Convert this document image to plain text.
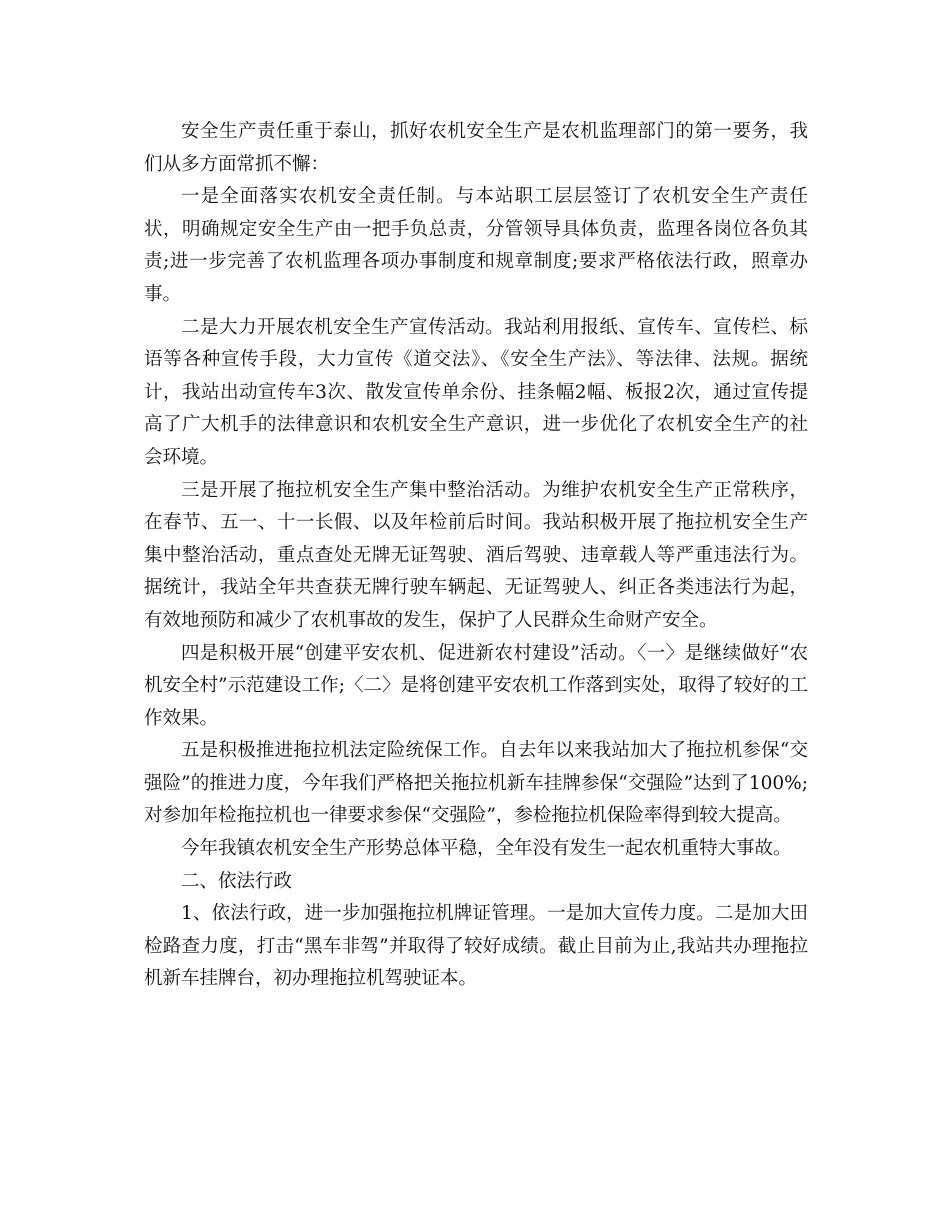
安全生产责任重于泰山，抓好农机安全生产是农机监理部门的第一要务，我们从多方面常抓不懈：

一是全面落实农机安全责任制。与本站职工层层签订了农机安全生产责任状，明确规定安全生产由一把手负总责，分管领导具体负责，监理各岗位各负其责;进一步完善了农机监理各项办事制度和规章制度;要求严格依法行政，照章办事。

二是大力开展农机安全生产宣传活动。我站利用报纸、宣传车、宣传栏、标语等各种宣传手段，大力宣传《道交法》、《安全生产法》、等法律、法规。据统计，我站出动宣传车3次、散发宣传单余份、挂条幅2幅、板报2次，通过宣传提高了广大机手的法律意识和农机安全生产意识，进一步优化了农机安全生产的社会环境。

三是开展了拖拉机安全生产集中整治活动。为维护农机安全生产正常秩序，在春节、五一、十一长假、以及年检前后时间。我站积极开展了拖拉机安全生产集中整治活动，重点查处无牌无证驾驶、酒后驾驶、违章载人等严重违法行为。据统计，我站全年共查获无牌行驶车辆起、无证驾驶人、纠正各类违法行为起，有效地预防和减少了农机事故的发生，保护了人民群众生命财产安全。

四是积极开展“创建平安农机、促进新农村建设”活动。〈一〉是继续做好“农机安全村”示范建设工作;〈二〉是将创建平安农机工作落到实处，取得了较好的工作效果。

五是积极推进拖拉机法定险统保工作。自去年以来我站加大了拖拉机参保“交强险”的推进力度，今年我们严格把关拖拉机新车挂牌参保“交强险”达到了100%;对参加年检拖拉机也一律要求参保“交强险”，参检拖拉机保险率得到较大提高。

今年我镇农机安全生产形势总体平稳，全年没有发生一起农机重特大事故。

二、依法行政

1、依法行政，进一步加强拖拉机牌证管理。一是加大宣传力度。二是加大田检路查力度，打击“黑车非驾”并取得了较好成绩。截止目前为止,我站共办理拖拉机新车挂牌台，初办理拖拉机驾驶证本。
